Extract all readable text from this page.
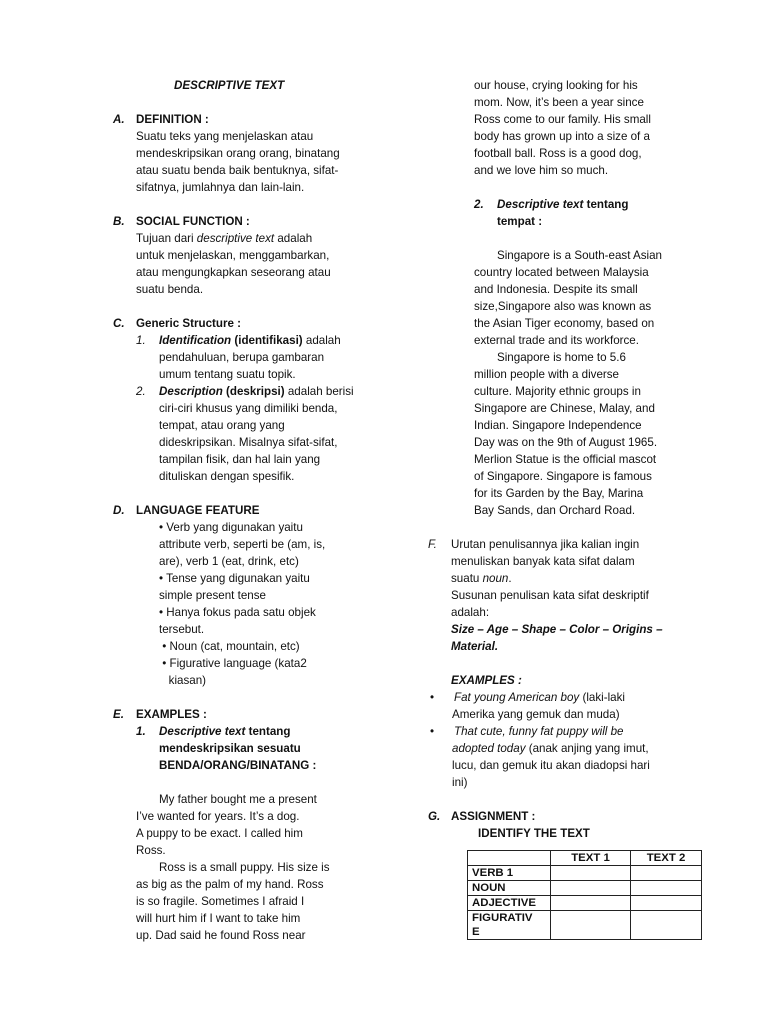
DESCRIPTIVE TEXT
A. DEFINITION :
Suatu teks yang menjelaskan atau
mendeskripsikan orang orang, binatang
atau suatu benda baik bentuknya, sifat-
sifatnya, jumlahnya dan lain-lain.
B. SOCIAL FUNCTION :
Tujuan dari descriptive text adalah
untuk menjelaskan, menggambarkan,
atau mengungkapkan seseorang atau
suatu benda.
C. Generic Structure :
1. Identification (identifikasi) adalah
pendahuluan, berupa gambaran
umum tentang suatu topik.
2. Description (deskripsi) adalah berisi
ciri-ciri khusus yang dimiliki benda,
tempat, atau orang yang
dideskripsikan. Misalnya sifat-sifat,
tampilan fisik, dan hal lain yang
dituliskan dengan spesifik.
D. LANGUAGE FEATURE
• Verb yang digunakan yaitu
attribute verb, seperti be (am, is,
are), verb 1 (eat, drink, etc)
• Tense yang digunakan yaitu
simple present tense
• Hanya fokus pada satu objek
tersebut.
• Noun (cat, mountain, etc)
• Figurative language (kata2
kiasan)
E. EXAMPLES :
1. Descriptive text tentang
mendeskripsikan sesuatu
BENDA/ORANG/BINATANG :
My father bought me a present
I’ve wanted for years. It’s a dog.
A puppy to be exact. I called him
Ross.
Ross is a small puppy. His size is
as big as the palm of my hand. Ross
is so fragile. Sometimes I afraid I
will hurt him if I want to take him
up. Dad said he found Ross near
our house, crying looking for his
mom. Now, it’s been a year since
Ross come to our family. His small
body has grown up into a size of a
football ball. Ross is a good dog,
and we love him so much.
2. Descriptive text tentang
tempat :
Singapore is a South-east Asian
country located between Malaysia
and Indonesia. Despite its small
size,Singapore also was known as
the Asian Tiger economy, based on
external trade and its workforce.
Singapore is home to 5.6
million people with a diverse
culture. Majority ethnic groups in
Singapore are Chinese, Malay, and
Indian. Singapore Independence
Day was on the 9th of August 1965.
Merlion Statue is the official mascot
of Singapore. Singapore is famous
for its Garden by the Bay, Marina
Bay Sands, dan Orchard Road.
F. Urutan penulisannya jika kalian ingin
menuliskan banyak kata sifat dalam
suatu noun.
Susunan penulisan kata sifat deskriptif
adalah:
Size – Age – Shape – Color – Origins –
Material.
EXAMPLES :
• Fat young American boy (laki-laki
Amerika yang gemuk dan muda)
• That cute, funny fat puppy will be
adopted today (anak anjing yang imut,
lucu, dan gemuk itu akan diadopsi hari
ini)
G. ASSIGNMENT :
IDENTIFY THE TEXT
	TEXT 1	TEXT 2
VERB 1		
NOUN		
ADJECTIVE		

FIGURATIV
E		
